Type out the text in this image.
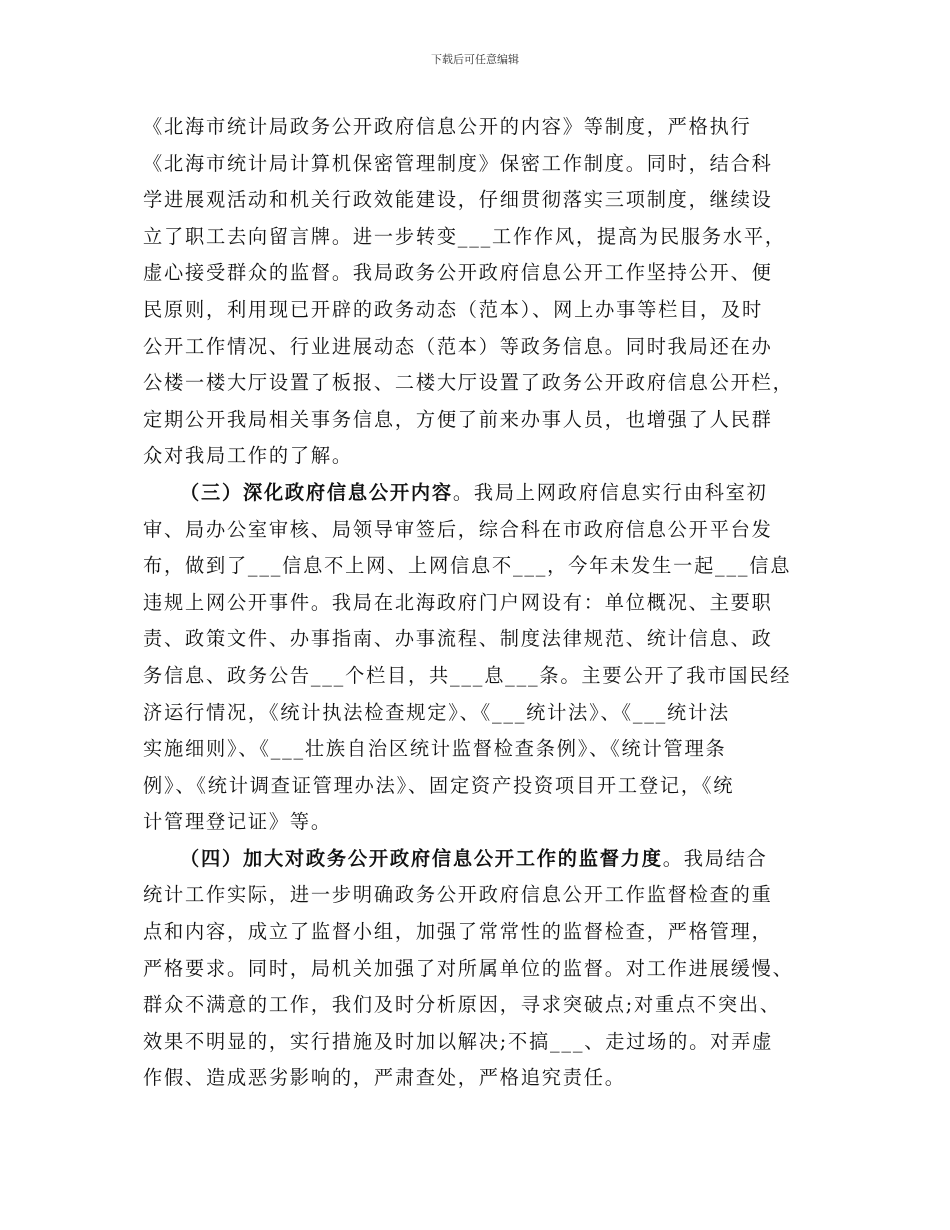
下载后可任意编辑
《北海市统计局政务公开政府信息公开的内容》等制度，严格执行
《北海市统计局计算机保密管理制度》保密工作制度。同时，结合科
学进展观活动和机关行政效能建设，仔细贯彻落实三项制度，继续设
立了职工去向留言牌。进一步转变___工作作风，提高为民服务水平，
虚心接受群众的监督。我局政务公开政府信息公开工作坚持公开、便
民原则，利用现已开辟的政务动态（范本）、网上办事等栏目，及时
公开工作情况、行业进展动态（范本）等政务信息。同时我局还在办
公楼一楼大厅设置了板报、二楼大厅设置了政务公开政府信息公开栏，
定期公开我局相关事务信息，方便了前来办事人员，也增强了人民群
众对我局工作的了解。
（三）深化政府信息公开内容。我局上网政府信息实行由科室初
审、局办公室审核、局领导审签后，综合科在市政府信息公开平台发
布，做到了___信息不上网、上网信息不___，今年未发生一起___信息
违规上网公开事件。我局在北海政府门户网设有：单位概况、主要职
责、政策文件、办事指南、办事流程、制度法律规范、统计信息、政
务信息、政务公告___个栏目，共___息___条。主要公开了我市国民经
济运行情况，《统计执法检查规定》、《___统计法》、《___统计法
实施细则》、《___壮族自治区统计监督检查条例》、《统计管理条
例》、《统计调查证管理办法》、固定资产投资项目开工登记，《统
计管理登记证》等。
（四）加大对政务公开政府信息公开工作的监督力度。我局结合
统计工作实际，进一步明确政务公开政府信息公开工作监督检查的重
点和内容，成立了监督小组，加强了常常性的监督检查，严格管理，
严格要求。同时，局机关加强了对所属单位的监督。对工作进展缓慢、
群众不满意的工作，我们及时分析原因，寻求突破点;对重点不突出、
效果不明显的，实行措施及时加以解决;不搞___、走过场的。对弄虚
作假、造成恶劣影响的，严肃查处，严格追究责任。
